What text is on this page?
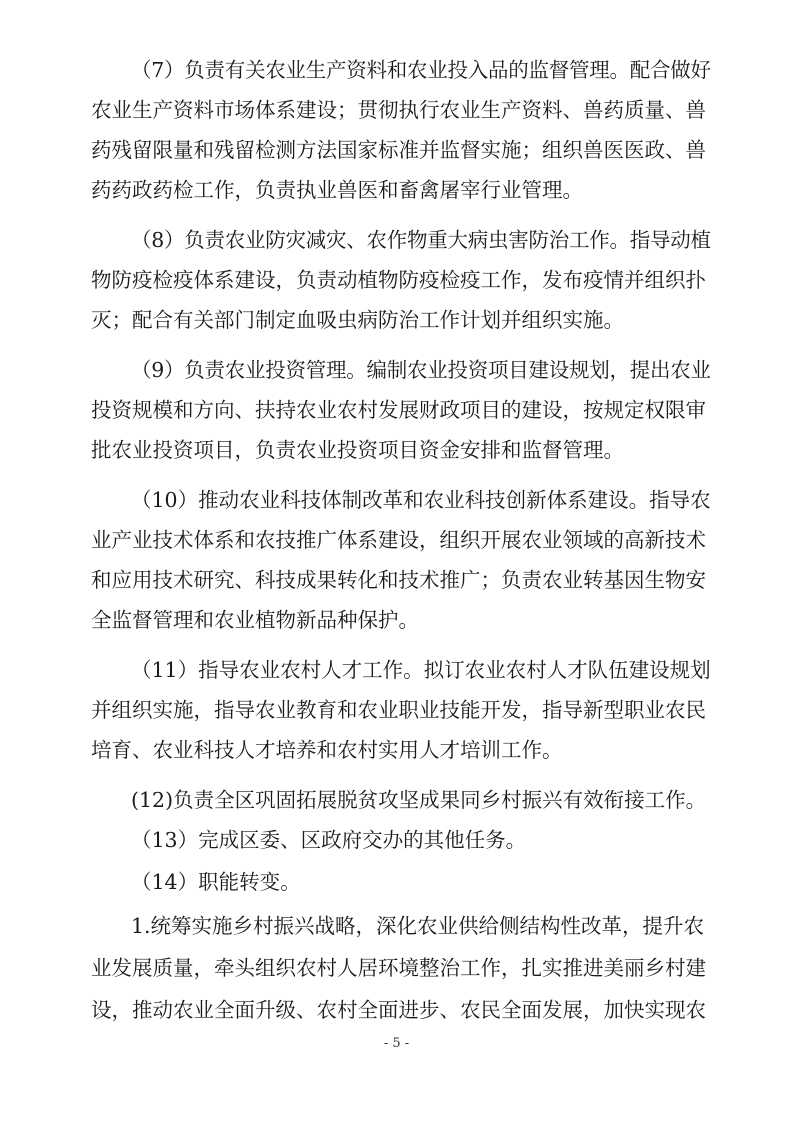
（7）负责有关农业生产资料和农业投入品的监督管理。配合做好
农业生产资料市场体系建设；贯彻执行农业生产资料、兽药质量、兽
药残留限量和残留检测方法国家标准并监督实施；组织兽医医政、兽
药药政药检工作，负责执业兽医和畜禽屠宰行业管理。
（8）负责农业防灾减灾、农作物重大病虫害防治工作。指导动植
物防疫检疫体系建设，负责动植物防疫检疫工作，发布疫情并组织扑
灭；配合有关部门制定血吸虫病防治工作计划并组织实施。
（9）负责农业投资管理。编制农业投资项目建设规划，提出农业
投资规模和方向、扶持农业农村发展财政项目的建设，按规定权限审
批农业投资项目，负责农业投资项目资金安排和监督管理。
（10）推动农业科技体制改革和农业科技创新体系建设。指导农
业产业技术体系和农技推广体系建设，组织开展农业领域的高新技术
和应用技术研究、科技成果转化和技术推广；负责农业转基因生物安
全监督管理和农业植物新品种保护。
（11）指导农业农村人才工作。拟订农业农村人才队伍建设规划
并组织实施，指导农业教育和农业职业技能开发，指导新型职业农民
培育、农业科技人才培养和农村实用人才培训工作。
(12)负责全区巩固拓展脱贫攻坚成果同乡村振兴有效衔接工作。
（13）完成区委、区政府交办的其他任务。
（14）职能转变。
1.统筹实施乡村振兴战略，深化农业供给侧结构性改革，提升农
业发展质量，牵头组织农村人居环境整治工作，扎实推进美丽乡村建
设，推动农业全面升级、农村全面进步、农民全面发展，加快实现农
- 5 -
